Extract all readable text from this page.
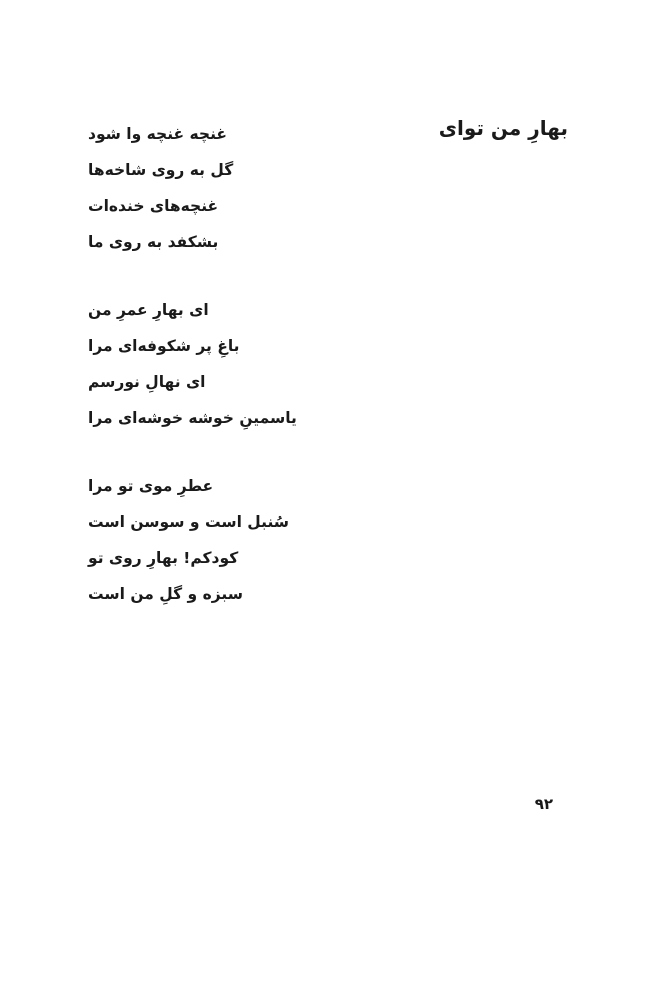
بهارِ من توای
غنچه غنچه وا شود
گل به روی شاخه‌ها
غنچه‌های خنده‌ات
بشکفد به روی ما
ای بهارِ عمرِ من
باغِ پر شکوفه‌ای مرا
ای نهالِ نورسم
یاسمینِ خوشه خوشه‌ای مرا
عطرِ موی تو مرا
سُنبل است و سوسن است
کودکم! بهارِ روی تو
سبزه و گلِ من است
۹۲
